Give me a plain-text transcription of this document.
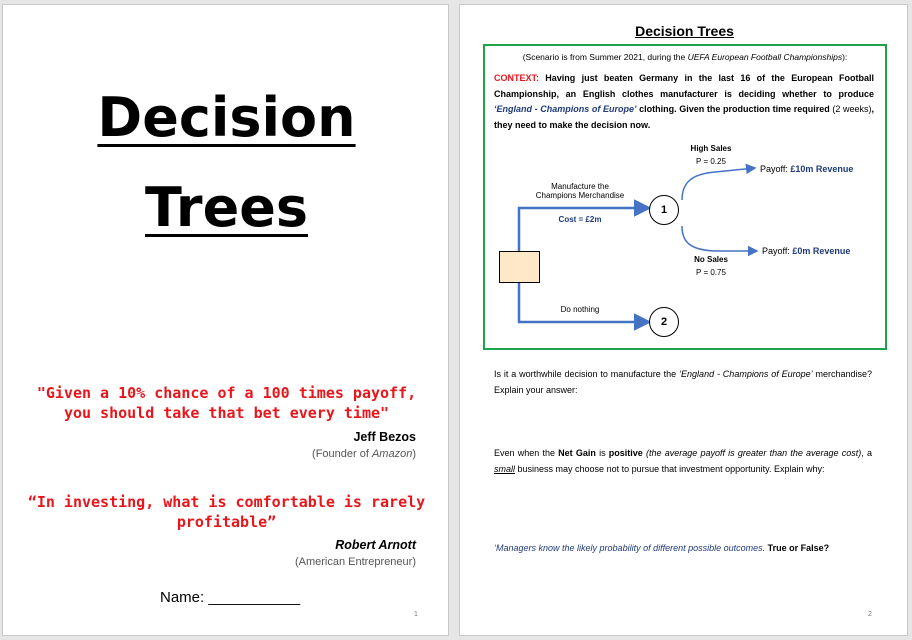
Decision
Trees
"Given a 10% chance of a 100 times payoff, you should take that bet every time"
Jeff Bezos
(Founder of Amazon)
“In investing, what is comfortable is rarely profitable”
Robert Arnott
(American Entrepreneur)
Name: ___________
1
Decision Trees
(Scenario is from Summer 2021, during the UEFA European Football Championships):
CONTEXT: Having just beaten Germany in the last 16 of the European Football Championship, an English clothes manufacturer is deciding whether to produce ‘England - Champions of Europe’ clothing. Given the production time required (2 weeks), they need to make the decision now.
Manufacture the Champions Merchandise
Cost = £2m
Do nothing
1
2
High Sales
P = 0.25
No Sales
P = 0.75
Payoff: £10m Revenue
Payoff: £0m Revenue
Is it a worthwhile decision to manufacture the ‘England - Champions of Europe’ merchandise? Explain your answer:
Even when the Net Gain is positive (the average payoff is greater than the average cost), a small business may choose not to pursue that investment opportunity. Explain why:
‘Managers know the likely probability of different possible outcomes. True or False?
2
